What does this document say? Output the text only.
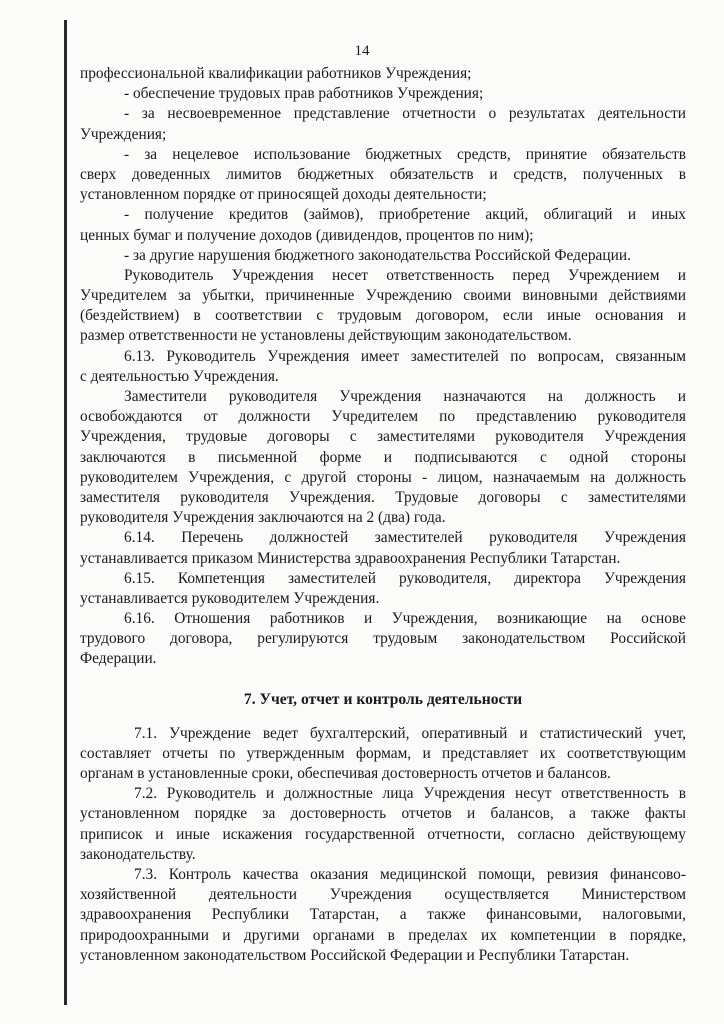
14
профессиональной квалификации работников Учреждения;
- обеспечение трудовых прав работников Учреждения;
- за несвоевременное представление отчетности о результатах деятельности
Учреждения;
- за нецелевое использование бюджетных средств, принятие обязательств
сверх доведенных лимитов бюджетных обязательств и средств, полученных в
установленном порядке от приносящей доходы деятельности;
- получение кредитов (займов), приобретение акций, облигаций и иных
ценных бумаг и получение доходов (дивидендов, процентов по ним);
- за другие нарушения бюджетного законодательства Российской Федерации.
Руководитель Учреждения несет ответственность перед Учреждением и
Учредителем за убытки, причиненные Учреждению своими виновными действиями
(бездействием) в соответствии с трудовым договором, если иные основания и
размер ответственности не установлены действующим законодательством.
6.13. Руководитель Учреждения имеет заместителей по вопросам, связанным
с деятельностью Учреждения.
Заместители руководителя Учреждения назначаются на должность и
освобождаются от должности Учредителем по представлению руководителя
Учреждения, трудовые договоры с заместителями руководителя Учреждения
заключаются в письменной форме и подписываются с одной стороны
руководителем Учреждения, с другой стороны - лицом, назначаемым на должность
заместителя руководителя Учреждения. Трудовые договоры с заместителями
руководителя Учреждения заключаются на 2 (два) года.
6.14. Перечень должностей заместителей руководителя Учреждения
устанавливается приказом Министерства здравоохранения Республики Татарстан.
6.15. Компетенция заместителей руководителя, директора Учреждения
устанавливается руководителем Учреждения.
6.16. Отношения работников и Учреждения, возникающие на основе
трудового договора, регулируются трудовым законодательством Российской
Федерации.
7. Учет, отчет и контроль деятельности
7.1. Учреждение ведет бухгалтерский, оперативный и статистический учет,
составляет отчеты по утвержденным формам, и представляет их соответствующим
органам в установленные сроки, обеспечивая достоверность отчетов и балансов.
7.2. Руководитель и должностные лица Учреждения несут ответственность в
установленном порядке за достоверность отчетов и балансов, а также факты
приписок и иные искажения государственной отчетности, согласно действующему
законодательству.
7.3. Контроль качества оказания медицинской помощи, ревизия финансово-
хозяйственной деятельности Учреждения осуществляется Министерством
здравоохранения Республики Татарстан, а также финансовыми, налоговыми,
природоохранными и другими органами в пределах их компетенции в порядке,
установленном законодательством Российской Федерации и Республики Татарстан.
